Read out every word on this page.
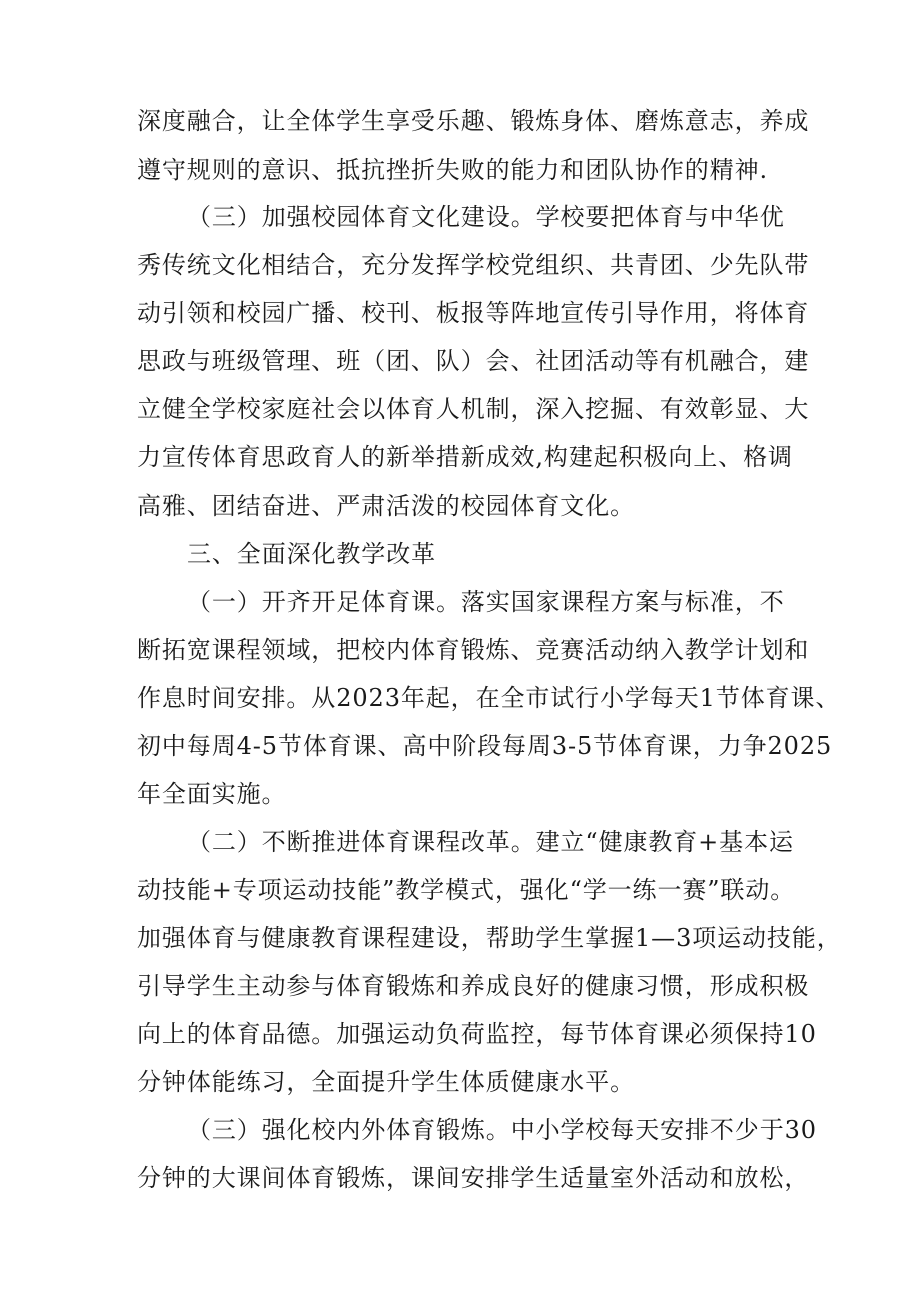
深度融合，让全体学生享受乐趣、锻炼身体、磨炼意志，养成
遵守规则的意识、抵抗挫折失败的能力和团队协作的精神.
（三）加强校园体育文化建设。学校要把体育与中华优
秀传统文化相结合，充分发挥学校党组织、共青团、少先队带
动引领和校园广播、校刊、板报等阵地宣传引导作用，将体育
思政与班级管理、班（团、队）会、社团活动等有机融合，建
立健全学校家庭社会以体育人机制，深入挖掘、有效彰显、大
力宣传体育思政育人的新举措新成效,构建起积极向上、格调
高雅、团结奋进、严肃活泼的校园体育文化。
三、全面深化教学改革
（一）开齐开足体育课。落实国家课程方案与标准，不
断拓宽课程领域，把校内体育锻炼、竞赛活动纳入教学计划和
作息时间安排。从2023年起，在全市试行小学每天1节体育课、
初中每周4-5节体育课、高中阶段每周3-5节体育课，力争2025
年全面实施。
（二）不断推进体育课程改革。建立“健康教育+基本运
动技能+专项运动技能”教学模式，强化“学一练一赛”联动。
加强体育与健康教育课程建设，帮助学生掌握1—3项运动技能，
引导学生主动参与体育锻炼和养成良好的健康习惯，形成积极
向上的体育品德。加强运动负荷监控，每节体育课必须保持10
分钟体能练习，全面提升学生体质健康水平。
（三）强化校内外体育锻炼。中小学校每天安排不少于30
分钟的大课间体育锻炼，课间安排学生适量室外活动和放松，
